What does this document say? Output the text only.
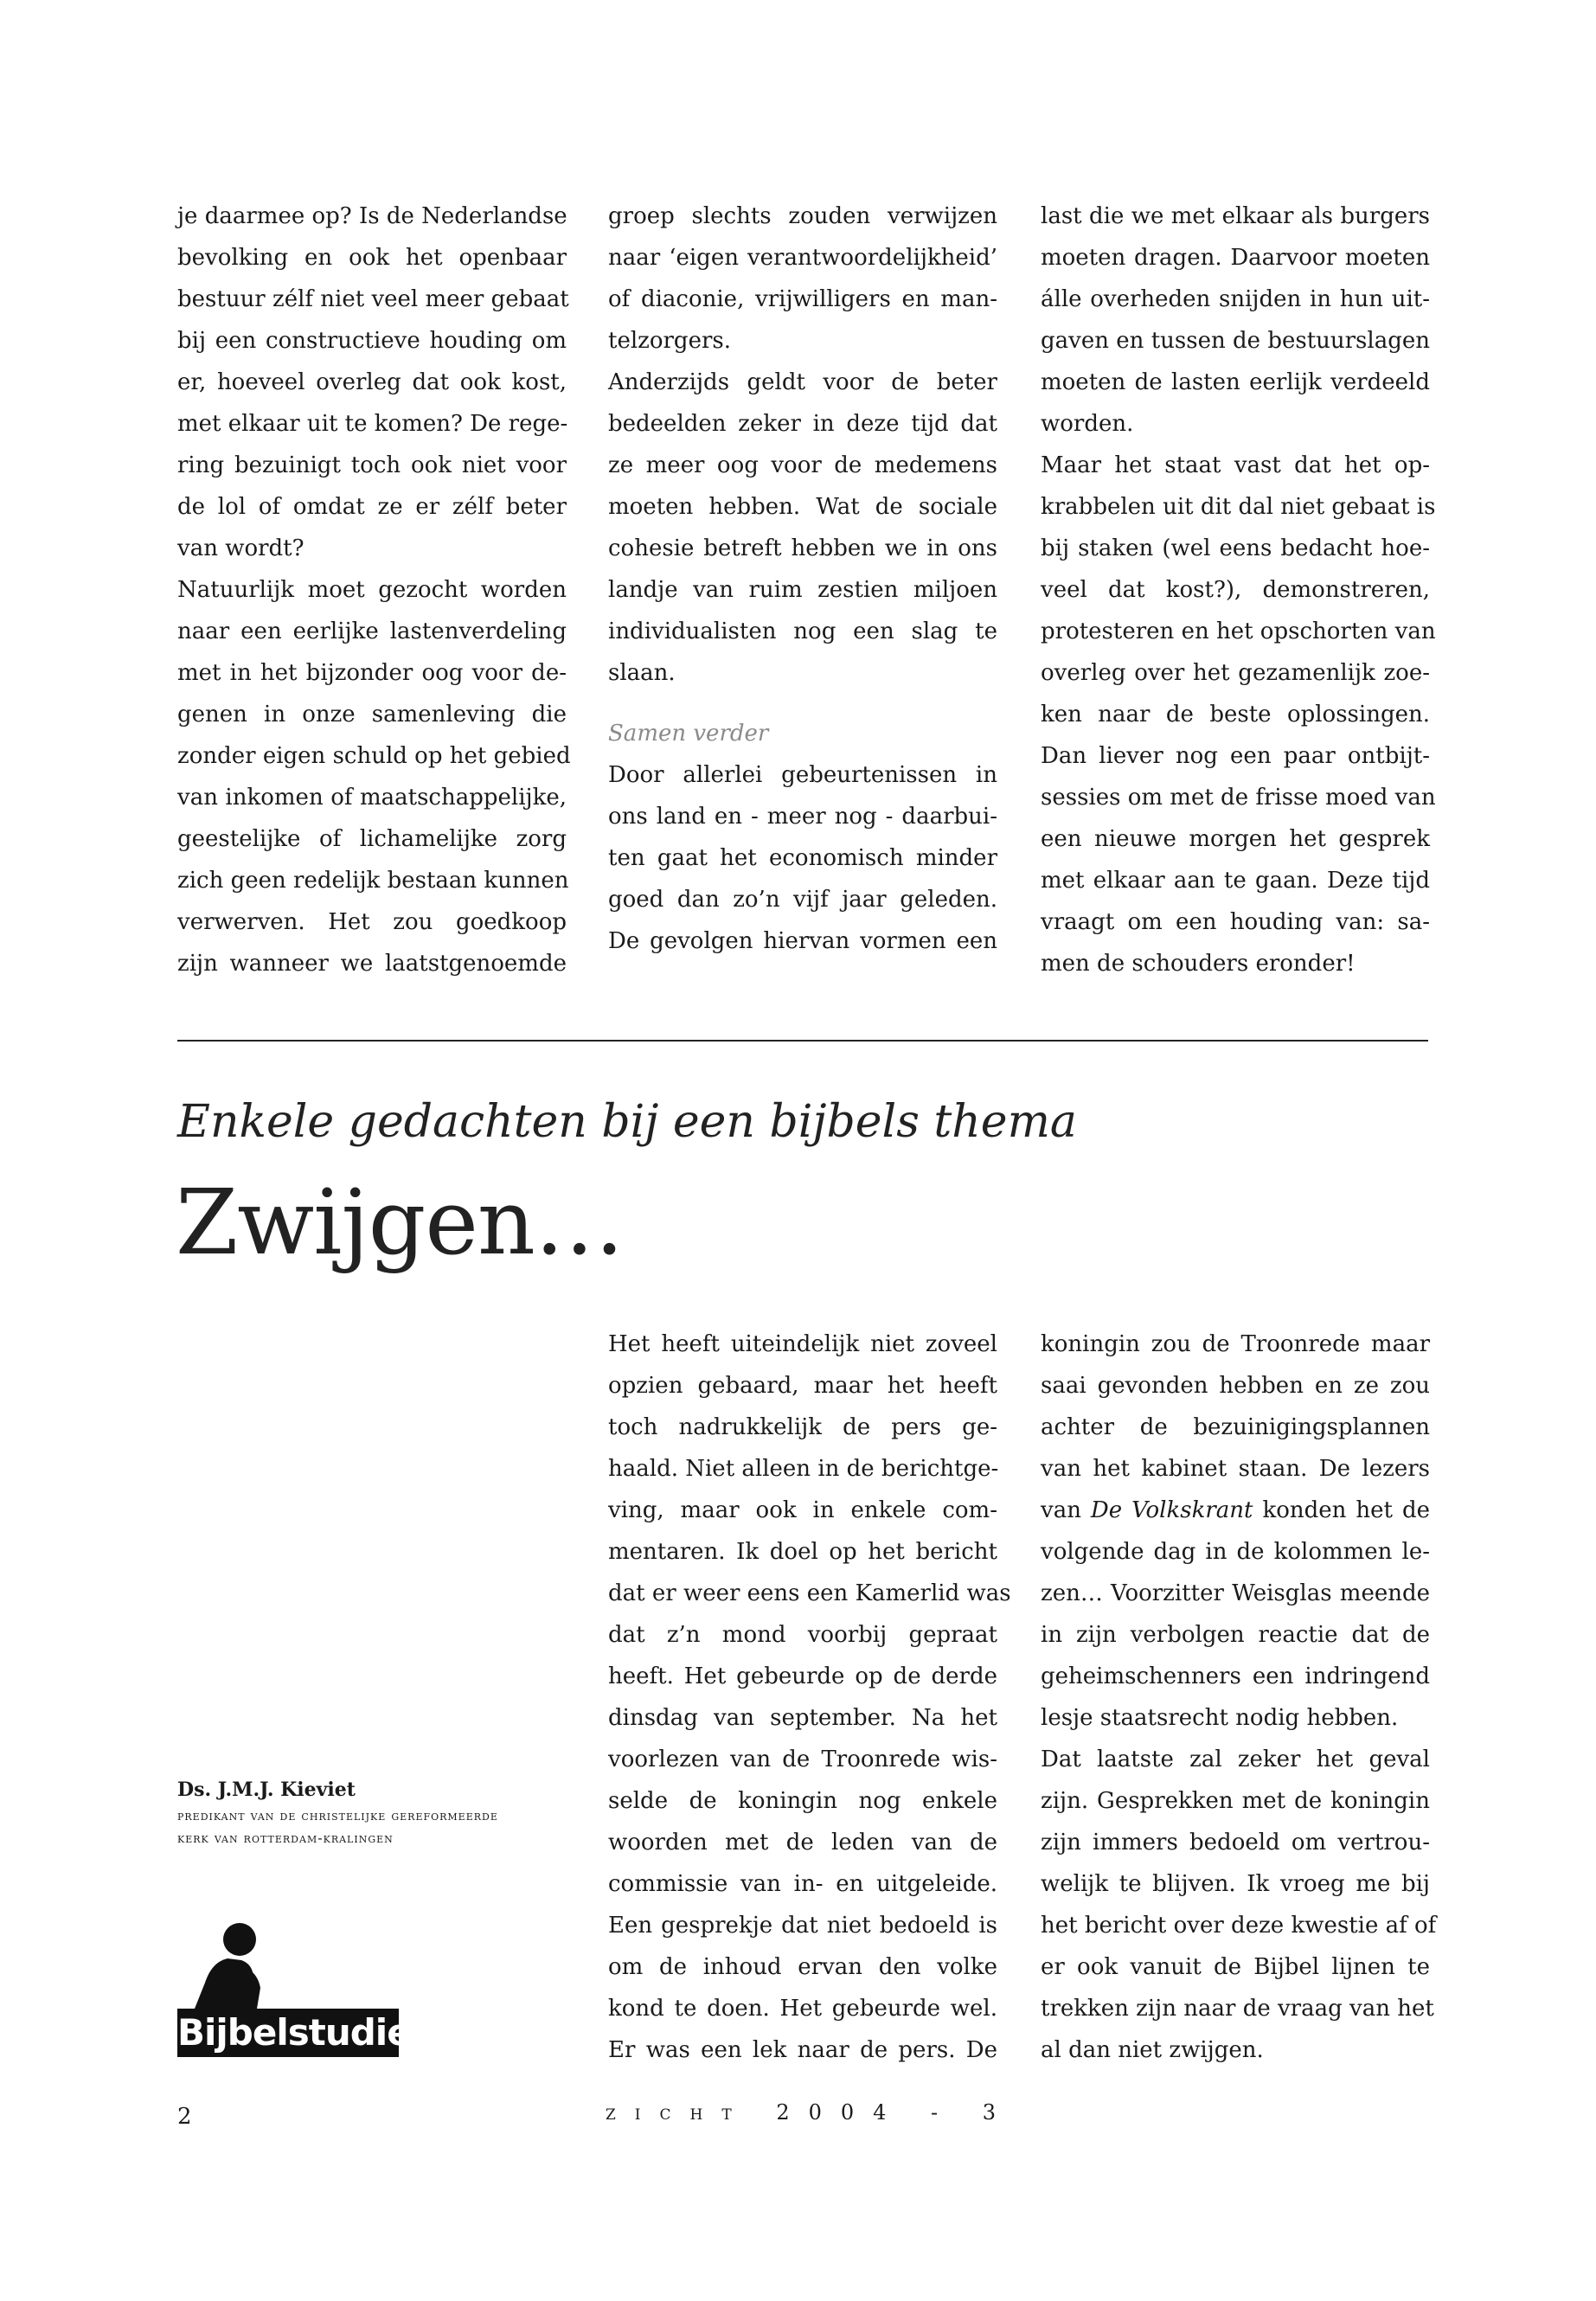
je daarmee op? Is de Nederlandse
bevolking en ook het openbaar
bestuur zélf niet veel meer gebaat
bij een constructieve houding om
er, hoeveel overleg dat ook kost,
met elkaar uit te komen? De rege-
ring bezuinigt toch ook niet voor
de lol of omdat ze er zélf beter
van wordt?

Natuurlijk moet gezocht worden
naar een eerlijke lastenverdeling
met in het bijzonder oog voor de-
genen in onze samenleving die
zonder eigen schuld op het gebied
van inkomen of maatschappelijke,
geestelijke of lichamelijke zorg
zich geen redelijk bestaan kunnen
verwerven. Het zou goedkoop
zijn wanneer we laatstgenoemde

groep slechts zouden verwijzen
naar ‘eigen verantwoordelijkheid’
of diaconie, vrijwilligers en man-
telzorgers.

Anderzijds geldt voor de beter
bedeelden zeker in deze tijd dat
ze meer oog voor de medemens
moeten hebben. Wat de sociale
cohesie betreft hebben we in ons
landje van ruim zestien miljoen
individualisten nog een slag te
slaan.

Samen verder

Door allerlei gebeurtenissen in
ons land en - meer nog - daarbui-
ten gaat het economisch minder
goed dan zo’n vijf jaar geleden.
De gevolgen hiervan vormen een

last die we met elkaar als burgers
moeten dragen. Daarvoor moeten
álle overheden snijden in hun uit-
gaven en tussen de bestuurslagen
moeten de lasten eerlijk verdeeld
worden.

Maar het staat vast dat het op-
krabbelen uit dit dal niet gebaat is
bij staken (wel eens bedacht hoe-
veel dat kost?), demonstreren,
protesteren en het opschorten van
overleg over het gezamenlijk zoe-
ken naar de beste oplossingen.
Dan liever nog een paar ontbijt-
sessies om met de frisse moed van
een nieuwe morgen het gesprek
met elkaar aan te gaan. Deze tijd
vraagt om een houding van: sa-
men de schouders eronder!

Enkele gedachten bij een bijbels thema
Zwijgen…
Ds. J.M.J. Kieviet
predikant van de christelijke gereformeerde
kerk van rotterdam-kralingen
Bijbelstudie

Het heeft uiteindelijk niet zoveel
opzien gebaard, maar het heeft
toch nadrukkelijk de pers ge-
haald. Niet alleen in de berichtge-
ving, maar ook in enkele com-
mentaren. Ik doel op het bericht
dat er weer eens een Kamerlid was
dat z’n mond voorbij gepraat
heeft. Het gebeurde op de derde
dinsdag van september. Na het
voorlezen van de Troonrede wis-
selde de koningin nog enkele
woorden met de leden van de
commissie van in- en uitgeleide.
Een gesprekje dat niet bedoeld is
om de inhoud ervan den volke
kond te doen. Het gebeurde wel.
Er was een lek naar de pers. De

koningin zou de Troonrede maar
saai gevonden hebben en ze zou
achter de bezuinigingsplannen
van het kabinet staan. De lezers

van De Volkskrant konden het de

volgende dag in de kolommen le-
zen… Voorzitter Weisglas meende
in zijn verbolgen reactie dat de
geheimschenners een indringend
lesje staatsrecht nodig hebben.

Dat laatste zal zeker het geval
zijn. Gesprekken met de koningin
zijn immers bedoeld om vertrou-
welijk te blijven. Ik vroeg me bij
het bericht over deze kwestie af of
er ook vanuit de Bijbel lijnen te
trekken zijn naar de vraag van het
al dan niet zwijgen.

2	zicht 2004 - 3
